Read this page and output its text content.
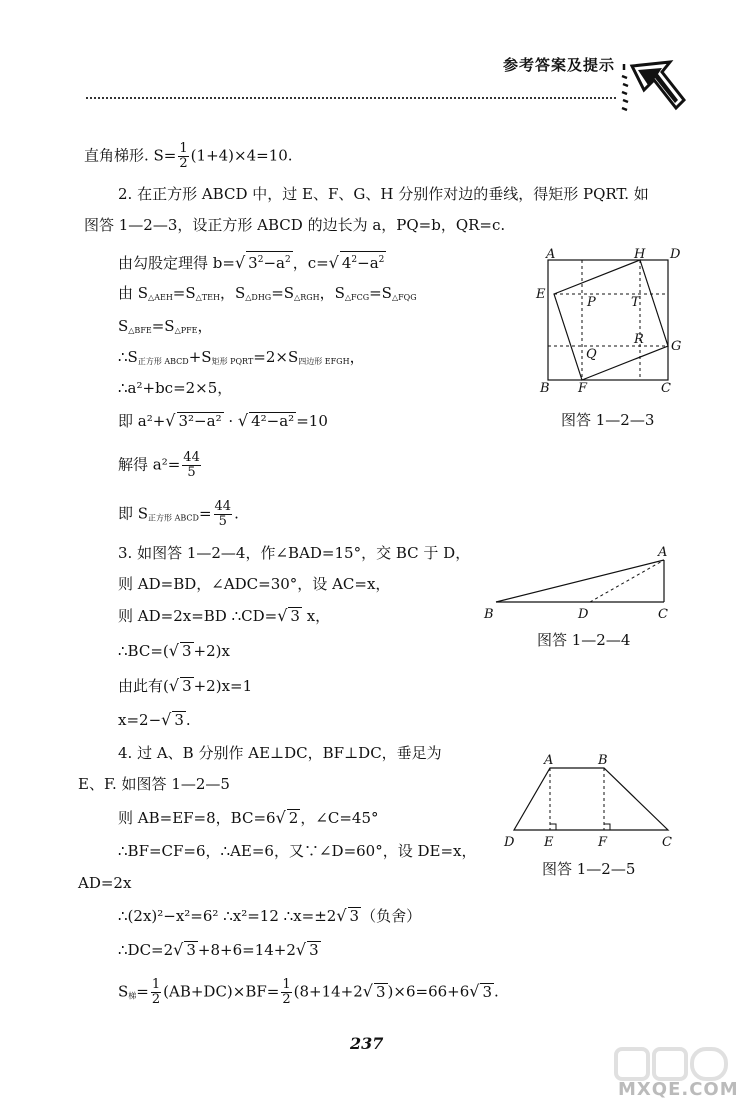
参考答案及提示
直角梯形. $S= \frac{1}{2} (1+4)\times 4=10$.
2. 在正方形 ABCD 中，过 E、F、G、H 分别作对边的垂线，得矩形 PQRT. 如
图答 1—2—3，设正方形 ABCD 的边长为 a，PQ=b，QR=c.
由勾股定理得 b=√ $3^2-a^2$ ，c=√ $4^2-a^2$
由 $S_{\triangle AEH}=S_{\triangle TEH}$，$S_{\triangle DHG}=S_{\triangle RGH}$，$S_{\triangle FCG}=S_{\triangle FQG}$
$S_{\triangle BFE}=S_{\triangle PFE}$，
$\therefore S_{正方形 ABCD}+S_{矩形 PQRT}=2\times S_{四边形 EFGH}$，
∴a²+bc=2×5，
即 a²+√ 3²−a² · √ 4²−a² =10
解得 $a^2= \frac{44}{5}$
即 $S_{正方形 ABCD}= \frac{44}{5}$ .
3. 如图答 1—2—4，作∠BAD=15°，交 BC 于 D，
则 AD=BD，∠ADC=30°，设 AC=x，
则 AD=2x=BD ∴CD=√ 3 x，
∴BC=(√ 3 +2)x
由此有(√ 3 +2)x=1
x=2−√ 3 .
4. 过 A、B 分别作 AE⊥DC，BF⊥DC，垂足为
E、F. 如图答 1—2—5
则 AB=EF=8，BC=6√ 2 ，∠C=45°
∴BF=CF=6，∴AE=6，又∵∠D=60°，设 DE=x，
AD=2x
∴(2x)²−x²=6² ∴x²=12 ∴x=±2√ 3 （负舍）
∴DC=2√ 3 +8+6=14+2√ 3
$S_梯= \frac{1}{2} (AB+DC)\times BF= \frac{1}{2} (8+14+2√$ 3 )×6=66+6√ 3 .
A	H D
E
P	T
R G
Q
B F	C
图答 1—2—3
A
B	D	C
图答 1—2—4
A	B
D E	F	C
图答 1—2—5
237
MXQE.COM
